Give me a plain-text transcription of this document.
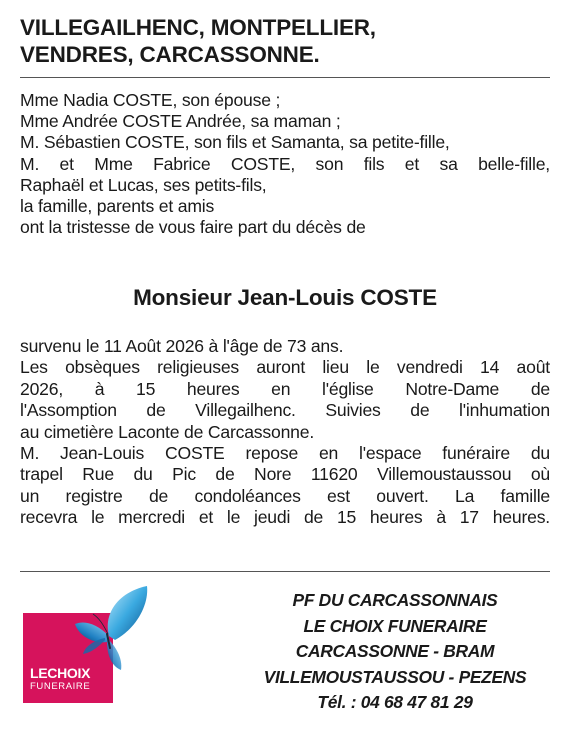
VILLEGAILHENC, MONTPELLIER,
VENDRES, CARCASSONNE.
Mme Nadia COSTE, son épouse ;
Mme Andrée COSTE Andrée, sa maman ;
M. Sébastien COSTE, son fils et Samanta, sa petite-fille,
M. et Mme Fabrice COSTE, son fils et sa belle-fille,
Raphaël et Lucas, ses petits-fils,
la famille, parents et amis
ont la tristesse de vous faire part du décès de
Monsieur Jean-Louis COSTE
survenu le 11 Août 2026 à l'âge de 73 ans.
Les obsèques religieuses auront lieu le vendredi 14 août
2026, à 15 heures en l'église Notre-Dame de
l'Assomption de Villegailhenc. Suivies de l'inhumation
au cimetière Laconte de Carcassonne.
M. Jean-Louis COSTE repose en l'espace funéraire du
trapel Rue du Pic de Nore 11620 Villemoustaussou où
un registre de condoléances est ouvert. La famille
recevra le mercredi et le jeudi de 15 heures à 17 heures.
PF DU CARCASSONNAIS
LE CHOIX FUNERAIRE
CARCASSONNE - BRAM
VILLEMOUSTAUSSOU - PEZENS
Tél. : 04 68 47 81 29
LECHOIX
FUNERAIRE
